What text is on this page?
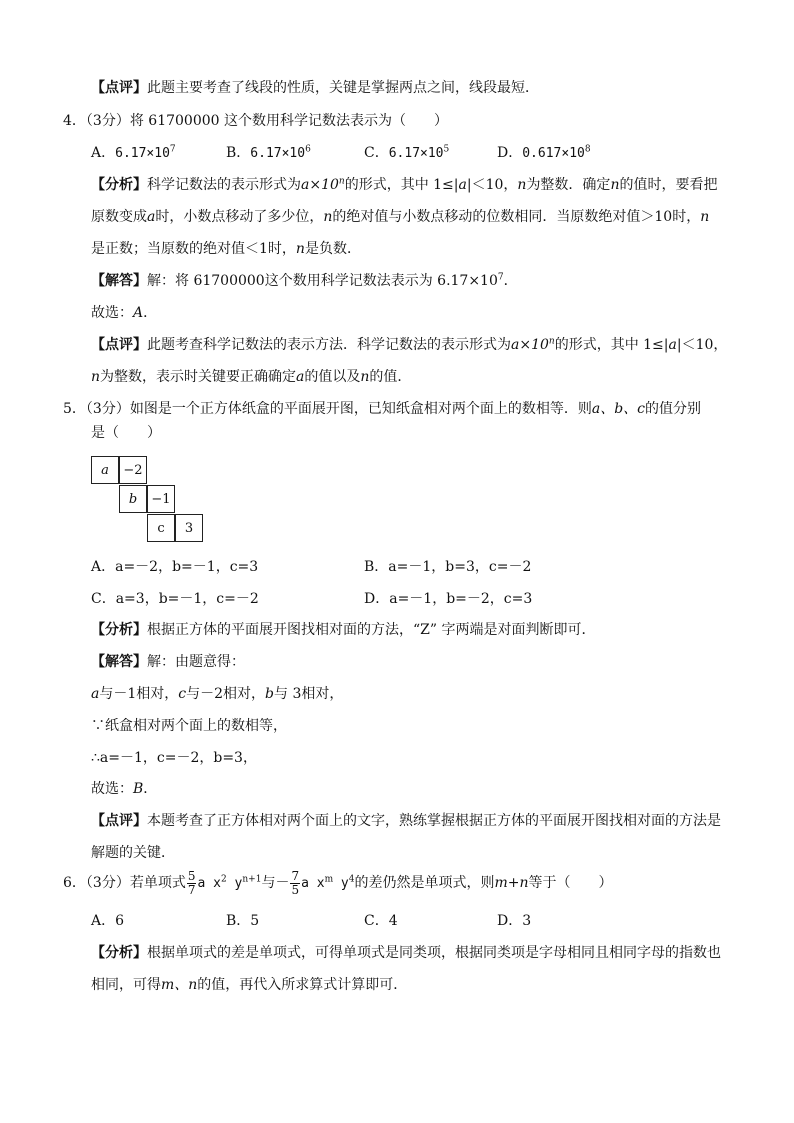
【点评】此题主要考查了线段的性质，关键是掌握两点之间，线段最短．
4．（3分）将 61700000 这个数用科学记数法表示为（　　）
A．$6.17\times 10^7$	B．$6.17\times 10^6$	C．$6.17\times 10^5$	D．$0.617\times 10^8$
【分析】科学记数法的表示形式为$a\times 10^n$的形式，其中 1≤|a|＜10，n为整数．确定n的值时，要看把
原数变成a时，小数点移动了多少位，n的绝对值与小数点移动的位数相同．当原数绝对值＞10时，n
是正数；当原数的绝对值＜1时，n是负数．
【解答】解：将 61700000这个数用科学记数法表示为 $6.17\times 10^7$．
故选：A．
【点评】此题考查科学记数法的表示方法．科学记数法的表示形式为$a\times 10^n$的形式，其中 1≤|a|＜10，
n为整数，表示时关键要正确确定a的值以及n的值．
5．（3分）如图是一个正方体纸盒的平面展开图，已知纸盒相对两个面上的数相等．则a、b、c的值分别
是（　　）
a	−2
b	−1
c	3
A．a=－2，b=－1，c=3	B．a=－1，b=3，c=－2
C．a=3，b=－1，c=－2	D．a=－1，b=－2，c=3
【分析】根据正方体的平面展开图找相对面的方法，“Z” 字两端是对面判断即可．
【解答】解：由题意得：
a与－1相对，c与－2相对，b与 3相对，
∵纸盒相对两个面上的数相等，
∴a=－1，c=－2，b=3，
故选：B．
【点评】本题考查了正方体相对两个面上的文字，熟练掌握根据正方体的平面展开图找相对面的方法是
解题的关键．
6．（3分）若单项式 $\frac{5}{7}$ a $x^2$ $y^{n+1}$与－ $\frac{7}{5}$ a $x^m$ $y^4$的差仍然是单项式，则m+n等于（　　）
A．6	B．5	C．4	D．3
【分析】根据单项式的差是单项式，可得单项式是同类项，根据同类项是字母相同且相同字母的指数也
相同，可得m、n的值，再代入所求算式计算即可．
